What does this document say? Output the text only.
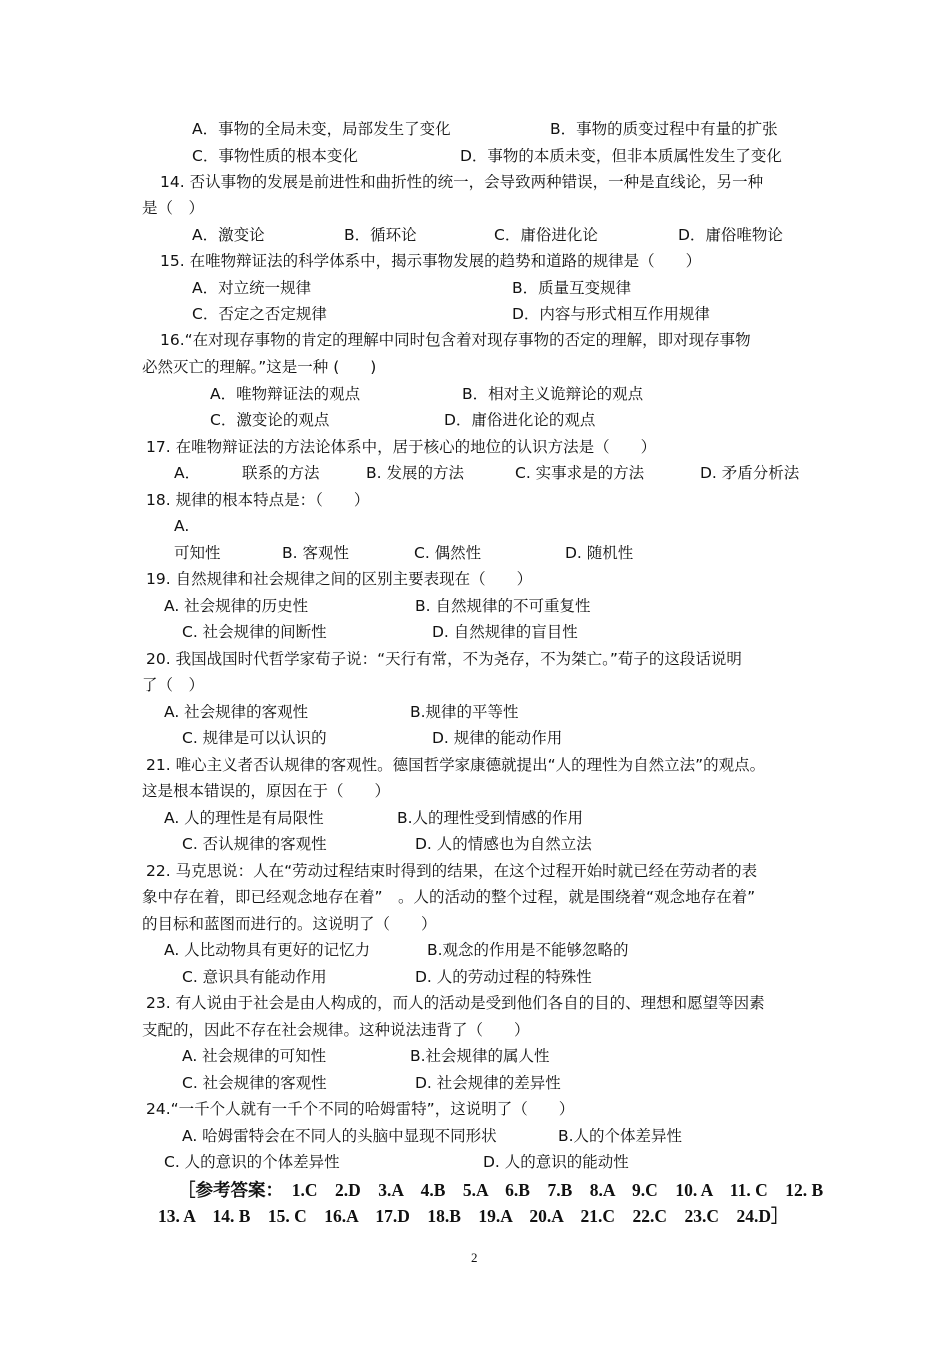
A．事物的全局未变，局部发生了变化	B．事物的质变过程中有量的扩张
C．事物性质的根本变化	D．事物的本质未变，但非本质属性发生了变化
14. 否认事物的发展是前进性和曲折性的统一，会导致两种错误，一种是直线论，另一种
是（　）
A．激变论	B．循环论	C．庸俗进化论	D．庸俗唯物论
15. 在唯物辩证法的科学体系中，揭示事物发展的趋势和道路的规律是（　　）
A．对立统一规律	B．质量互变规律
C．否定之否定规律	D．内容与形式相互作用规律
16.“在对现存事物的肯定的理解中同时包含着对现存事物的否定的理解，即对现存事物
必然灭亡的理解。”这是一种 (　　)
A．唯物辩证法的观点	B．相对主义诡辩论的观点
C．激变论的观点	D．庸俗进化论的观点
17. 在唯物辩证法的方法论体系中，居于核心的地位的认识方法是（　　）
A．	联系的方法	B. 发展的方法	C. 实事求是的方法	D. 矛盾分析法
18. 规律的根本特点是：（　　）
A.
可知性	B. 客观性	C. 偶然性	D. 随机性
19. 自然规律和社会规律之间的区别主要表现在（　　）
A. 社会规律的历史性	B. 自然规律的不可重复性
C. 社会规律的间断性	D. 自然规律的盲目性
20. 我国战国时代哲学家荀子说：“天行有常，不为尧存，不为桀亡。”荀子的这段话说明
了（　）
A. 社会规律的客观性	B.规律的平等性
C. 规律是可以认识的	D. 规律的能动作用
21. 唯心主义者否认规律的客观性。德国哲学家康德就提出“人的理性为自然立法”的观点。
这是根本错误的，原因在于（　　）
A. 人的理性是有局限性	B.人的理性受到情感的作用
C. 否认规律的客观性	D. 人的情感也为自然立法
22. 马克思说：人在“劳动过程结束时得到的结果，在这个过程开始时就已经在劳动者的表
象中存在着，即已经观念地存在着”　。人的活动的整个过程，就是围绕着“观念地存在着”
的目标和蓝图而进行的。这说明了（　　）
A. 人比动物具有更好的记忆力	B.观念的作用是不能够忽略的
C. 意识具有能动作用	D. 人的劳动过程的特殊性
23. 有人说由于社会是由人构成的，而人的活动是受到他们各自的目的、理想和愿望等因素
支配的，因此不存在社会规律。这种说法违背了（　　）
A. 社会规律的可知性	B.社会规律的属人性
C. 社会规律的客观性	D. 社会规律的差异性
24.“一千个人就有一千个不同的哈姆雷特”，这说明了（　　）
A. 哈姆雷特会在不同人的头脑中显现不同形状	B.人的个体差异性
C. 人的意识的个体差异性	D. 人的意识的能动性
［参考答案：　1.C　2.D　3.A　4.B　5.A　6.B　7.B　8.A　9.C　10. A　11. C　12. B
13. A　14. B　15. C　16.A　17.D　18.B　19.A　20.A　21.C　22.C　23.C　24.D］
2
